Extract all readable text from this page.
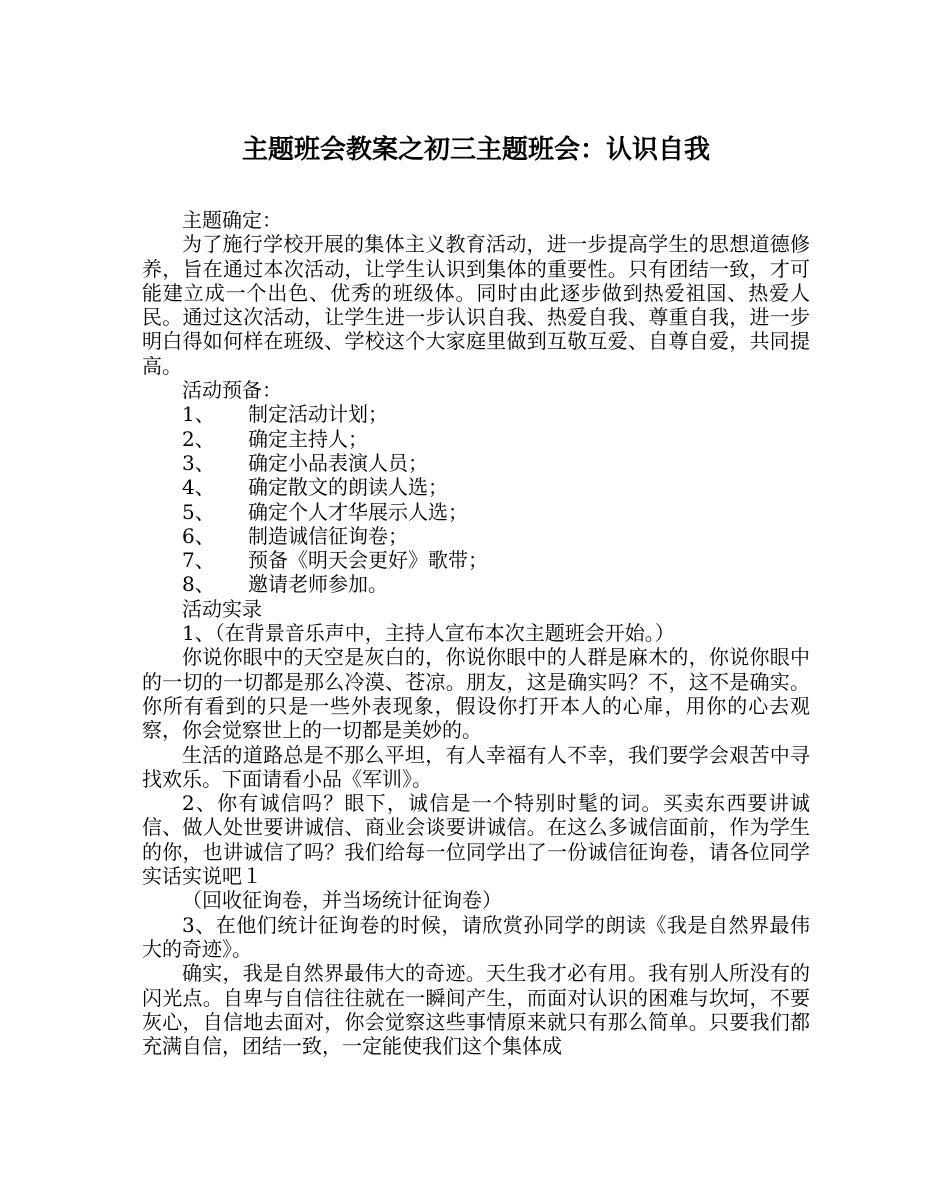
主题班会教案之初三主题班会：认识自我

主题确定：

为了施行学校开展的集体主义教育活动，进一步提高学生的思想道德修养，旨在通过本次活动，让学生认识到集体的重要性。只有团结一致，才可能建立成一个出色、优秀的班级体。同时由此逐步做到热爱祖国、热爱人民。通过这次活动，让学生进一步认识自我、热爱自我、尊重自我，进一步明白得如何样在班级、学校这个大家庭里做到互敬互爱、自尊自爱，共同提高。

活动预备：

1、	制定活动计划；
2、	确定主持人；
3、	确定小品表演人员；
4、	确定散文的朗读人选；
5、	确定个人才华展示人选；
6、	制造诚信征询卷；
7、	预备《明天会更好》歌带；
8、	邀请老师参加。

活动实录

1、（在背景音乐声中，主持人宣布本次主题班会开始。）

你说你眼中的天空是灰白的，你说你眼中的人群是麻木的，你说你眼中的一切的一切都是那么冷漠、苍凉。朋友，这是确实吗？不，这不是确实。你所有看到的只是一些外表现象，假设你打开本人的心扉，用你的心去观察，你会觉察世上的一切都是美妙的。

生活的道路总是不那么平坦，有人幸福有人不幸，我们要学会艰苦中寻找欢乐。下面请看小品《军训》。

2、你有诚信吗？眼下，诚信是一个特别时髦的词。买卖东西要讲诚信、做人处世要讲诚信、商业会谈要讲诚信。在这么多诚信面前，作为学生的你，也讲诚信了吗？我们给每一位同学出了一份诚信征询卷，请各位同学实话实说吧１

（回收征询卷，并当场统计征询卷）

3、在他们统计征询卷的时候，请欣赏孙同学的朗读《我是自然界最伟大的奇迹》。

确实，我是自然界最伟大的奇迹。天生我才必有用。我有别人所没有的闪光点。自卑与自信往往就在一瞬间产生，而面对认识的困难与坎坷，不要灰心，自信地去面对，你会觉察这些事情原来就只有那么简单。只要我们都充满自信，团结一致，一定能使我们这个集体成
